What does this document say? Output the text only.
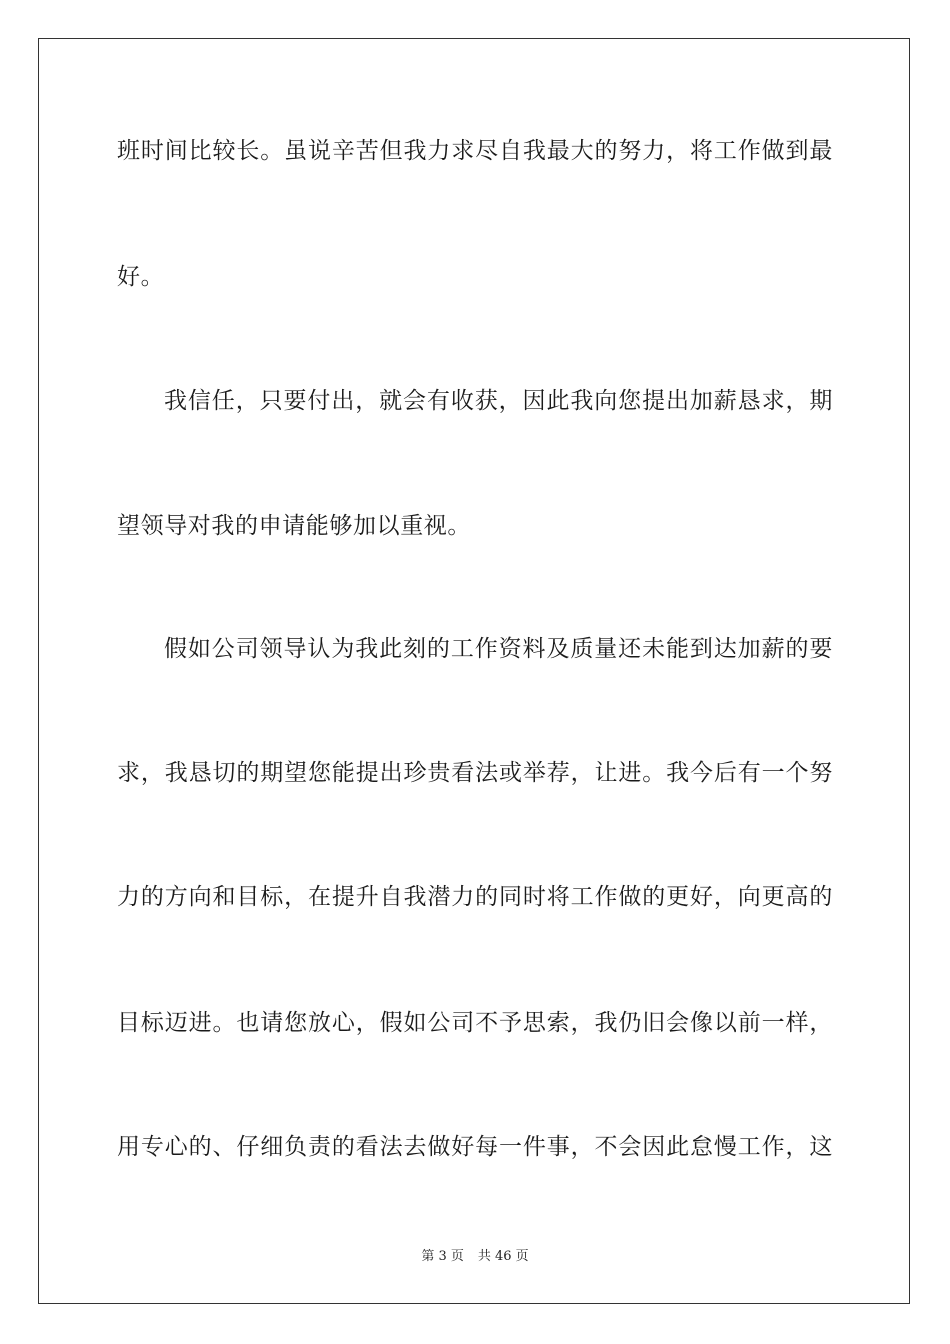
班时间比较长。虽说辛苦但我力求尽自我最大的努力，将工作做到最
好。
我信任，只要付出，就会有收获，因此我向您提出加薪恳求，期
望领导对我的申请能够加以重视。
假如公司领导认为我此刻的工作资料及质量还未能到达加薪的要
求，我恳切的期望您能提出珍贵看法或举荐，让进。我今后有一个努
力的方向和目标，在提升自我潜力的同时将工作做的更好，向更高的
目标迈进。也请您放心，假如公司不予思索，我仍旧会像以前一样，
用专心的、仔细负责的看法去做好每一件事，不会因此怠慢工作，这
第 3 页 共 46 页
